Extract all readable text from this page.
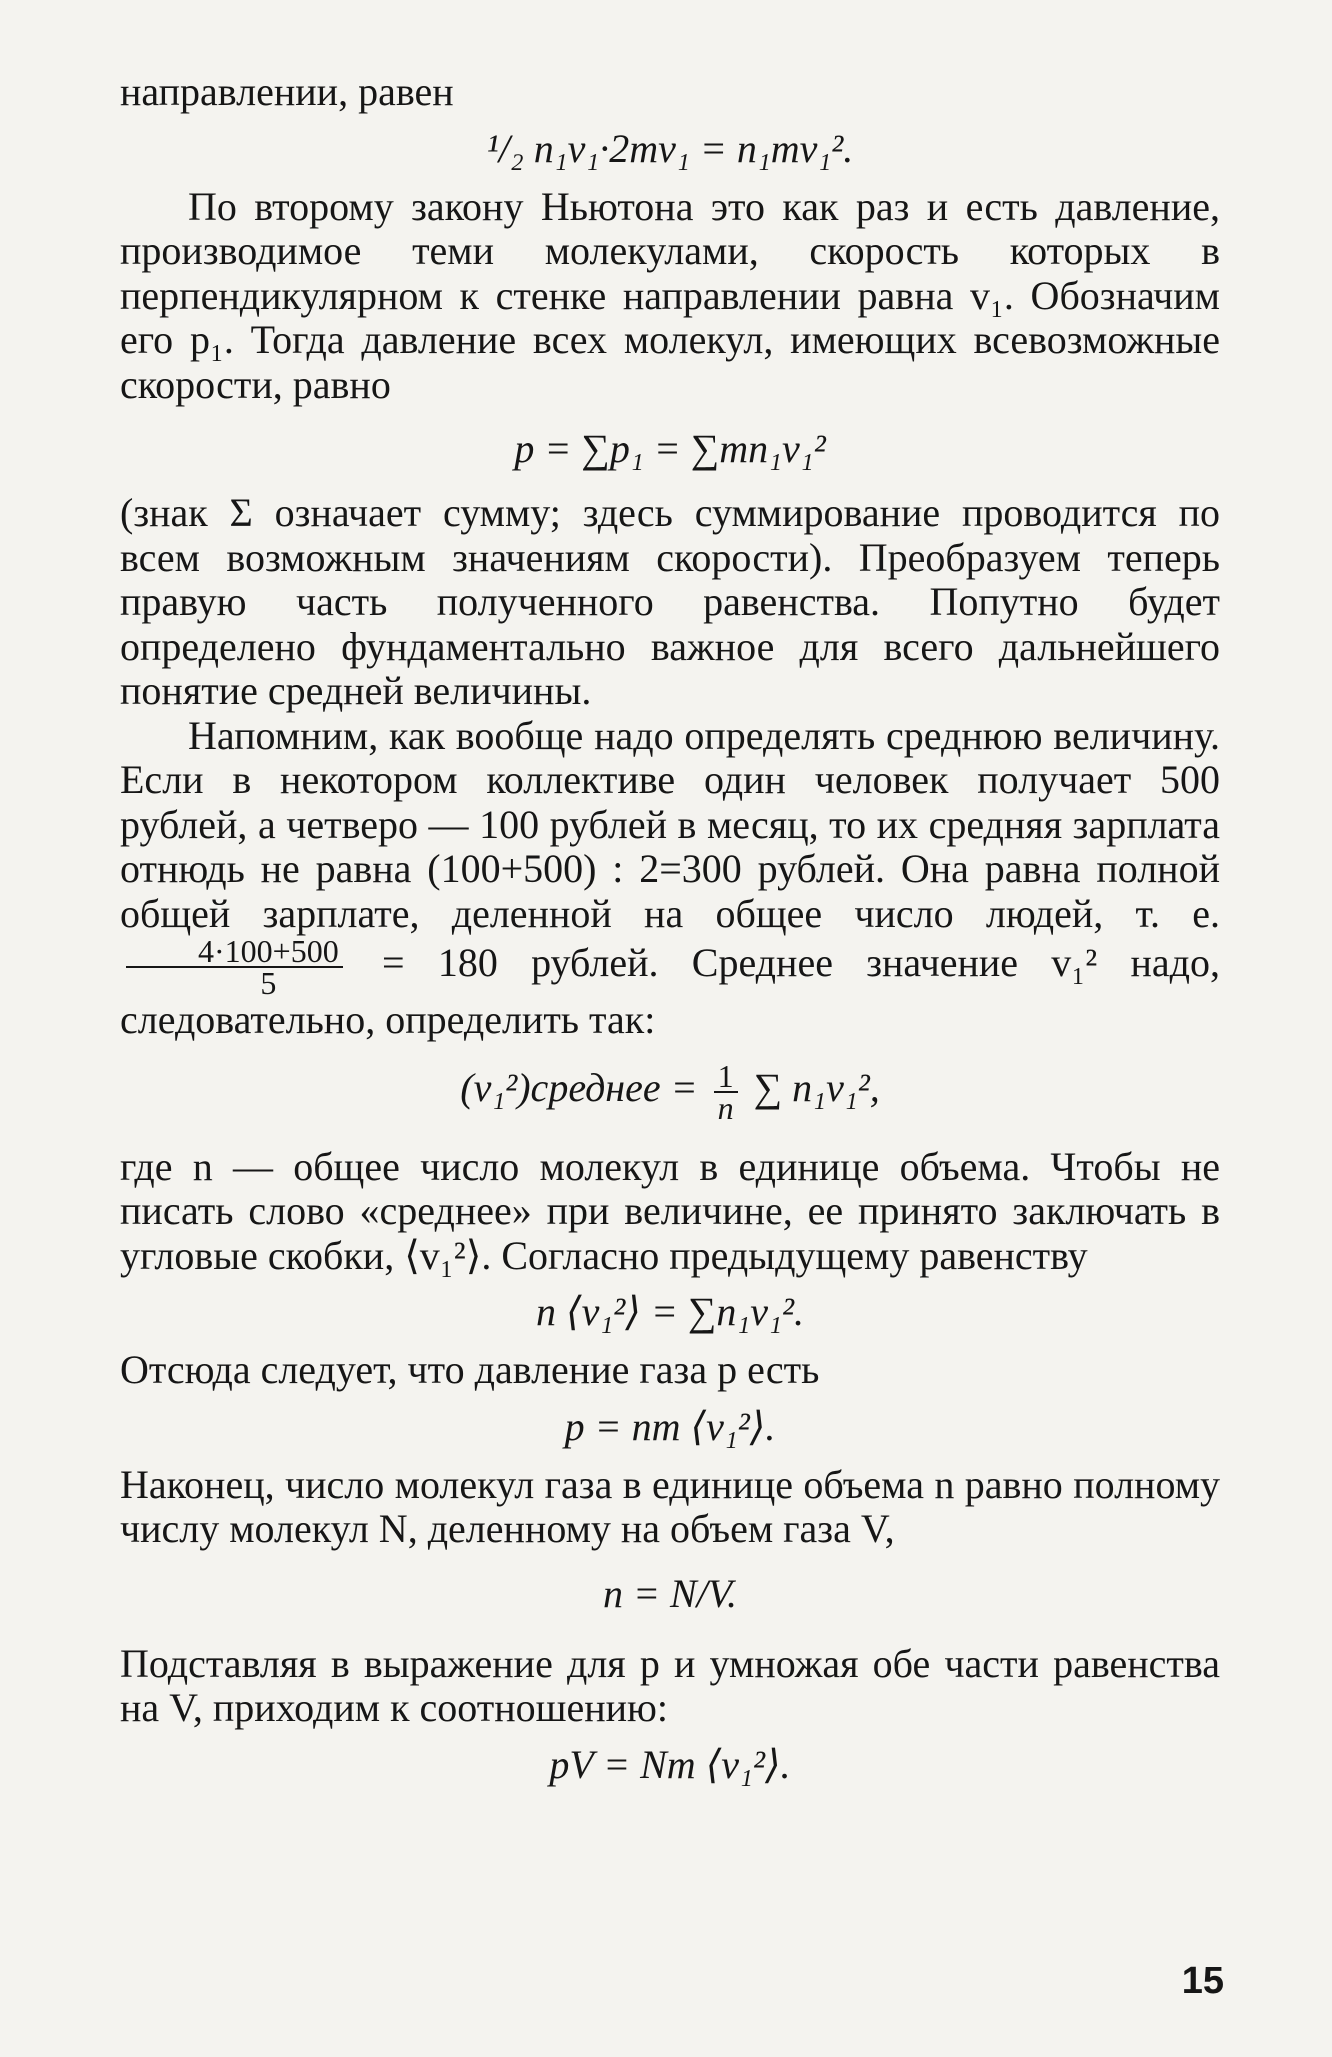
направлении, равен

¹/₂ n₁v₁·2mv₁ = n₁mv₁².

По второму закону Ньютона это как раз и есть давление, производимое теми молекулами, скорость которых в перпендикулярном к стенке направлении равна v₁. Обозначим его p₁. Тогда давление всех молекул, имеющих всевозможные скорости, равно

p = ∑p₁ = ∑mn₁v₁²

(знак Σ означает сумму; здесь суммирование проводится по всем возможным значениям скорости). Преобразуем теперь правую часть полученного равенства. Попутно будет определено фундаментально важное для всего дальнейшего понятие средней величины.

Напомним, как вообще надо определять среднюю величину. Если в некотором коллективе один человек получает 500 рублей, а четверо — 100 рублей в месяц, то их средняя зарплата отнюдь не равна (100+500) : 2=300 рублей. Она равна полной общей зарплате, деленной на общее число людей, т. е.
$\frac{4\cdot 100+500}{5} = 180$ рублей. Среднее значение v₁² надо, следовательно, определить так:

(v₁²)среднее = $\frac{1}{n}$ ∑ n₁v₁²,

где n — общее число молекул в единице объема. Чтобы не писать слово «среднее» при величине, ее принято заключать в угловые скобки, ⟨v₁²⟩. Согласно предыдущему равенству

n ⟨v₁²⟩ = ∑n₁v₁².

Отсюда следует, что давление газа p есть

p = nm ⟨v₁²⟩.

Наконец, число молекул газа в единице объема n равно полному числу молекул N, деленному на объем газа V,

n = N/V.

Подставляя в выражение для p и умножая обе части равенства на V, приходим к соотношению:

pV = Nm ⟨v₁²⟩.
15
